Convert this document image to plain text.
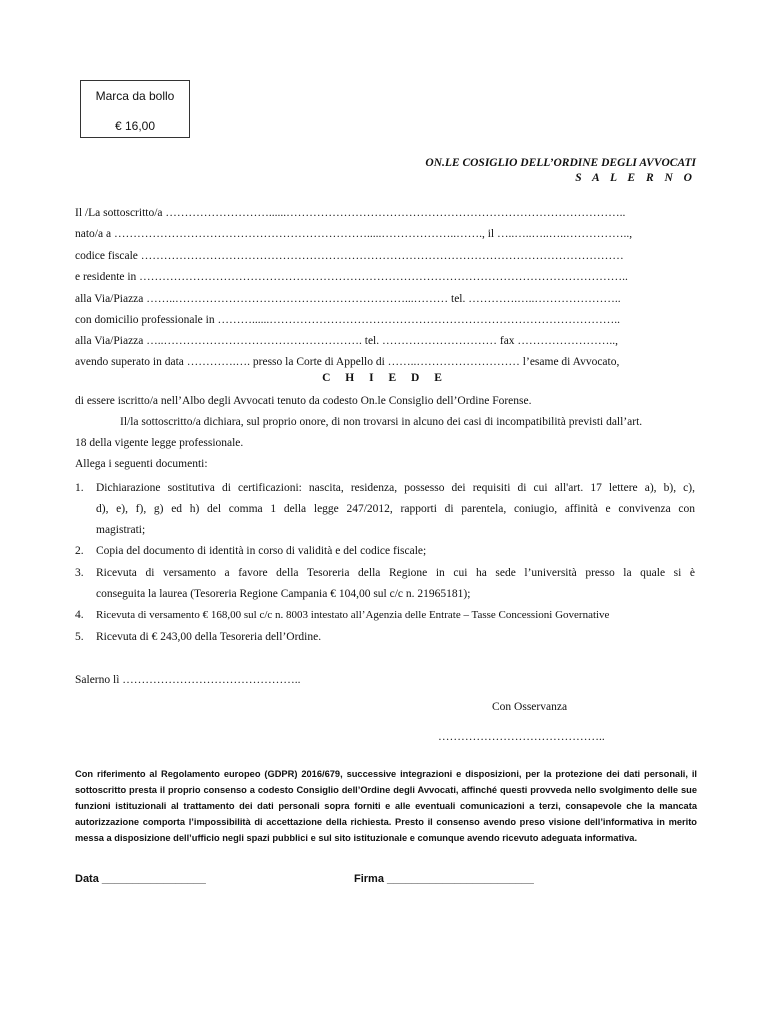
Marca da bollo
€ 16,00
ON.LE COSIGLIO DELL’ORDINE DEGLI AVVOCATI
S A L E R N O
Il /La sottoscritto/a ………………………......……………………………………………………………………………..
nato/a a ………………………………………………………….....………………..……., il …..…..…..…..……………..,
codice fiscale ………………………………………………………………………………………………………………
e residente in ………………………………………………………………………………………………………………..
alla Via/Piazza ……..……………………………………………………...……… tel. ………….…..…………………..
con domicilio professionale in ………......………………………………………………………………………………..
alla Via/Piazza …..……………………………………………. tel. ………………………… fax ……………………..,
avendo superato in data ………….…. presso la Corte di Appello di ……..……………………… l’esame di Avvocato,
C H I E D E
di essere iscritto/a nell’Albo degli Avvocati tenuto da codesto On.le Consiglio dell’Ordine Forense.
Il/la sottoscritto/a dichiara, sul proprio onore, di non trovarsi in alcuno dei casi di incompatibilità previsti dall’art.
18 della vigente legge professionale.
Allega i seguenti documenti:
1. Dichiarazione sostitutiva di certificazioni: nascita, residenza, possesso dei requisiti di cui all'art. 17 lettere a), b), c),
d), e), f), g) ed h) del comma 1 della legge 247/2012, rapporti di parentela, coniugio, affinità e convivenza con
magistrati;
2. Copia del documento di identità in corso di validità e del codice fiscale;
3. Ricevuta di versamento a favore della Tesoreria della Regione in cui ha sede l’università presso la quale si è
conseguita la laurea (Tesoreria Regione Campania € 104,00 sul c/c n. 21965181);
4. Ricevuta di versamento € 168,00 sul c/c n. 8003 intestato all’Agenzia delle Entrate – Tasse Concessioni Governative
5. Ricevuta di € 243,00 della Tesoreria dell’Ordine.
Salerno lì ………………………………………..
Con Osservanza
……………………………………..
Con riferimento al Regolamento europeo (GDPR) 2016/679, successive integrazioni e disposizioni, per la protezione dei dati personali, il sottoscritto presta il proprio consenso a codesto Consiglio dell’Ordine degli Avvocati, affinché questi provveda nello svolgimento delle sue funzioni istituzionali al trattamento dei dati personali sopra forniti e alle eventuali comunicazioni a terzi, consapevole che la mancata autorizzazione comporta l’impossibilità di accettazione della richiesta. Presto il consenso avendo preso visione dell’informativa in merito messa a disposizione dell’ufficio negli spazi pubblici e sul sito istituzionale e comunque avendo ricevuto adeguata informativa.
Data _________________	Firma ________________________
